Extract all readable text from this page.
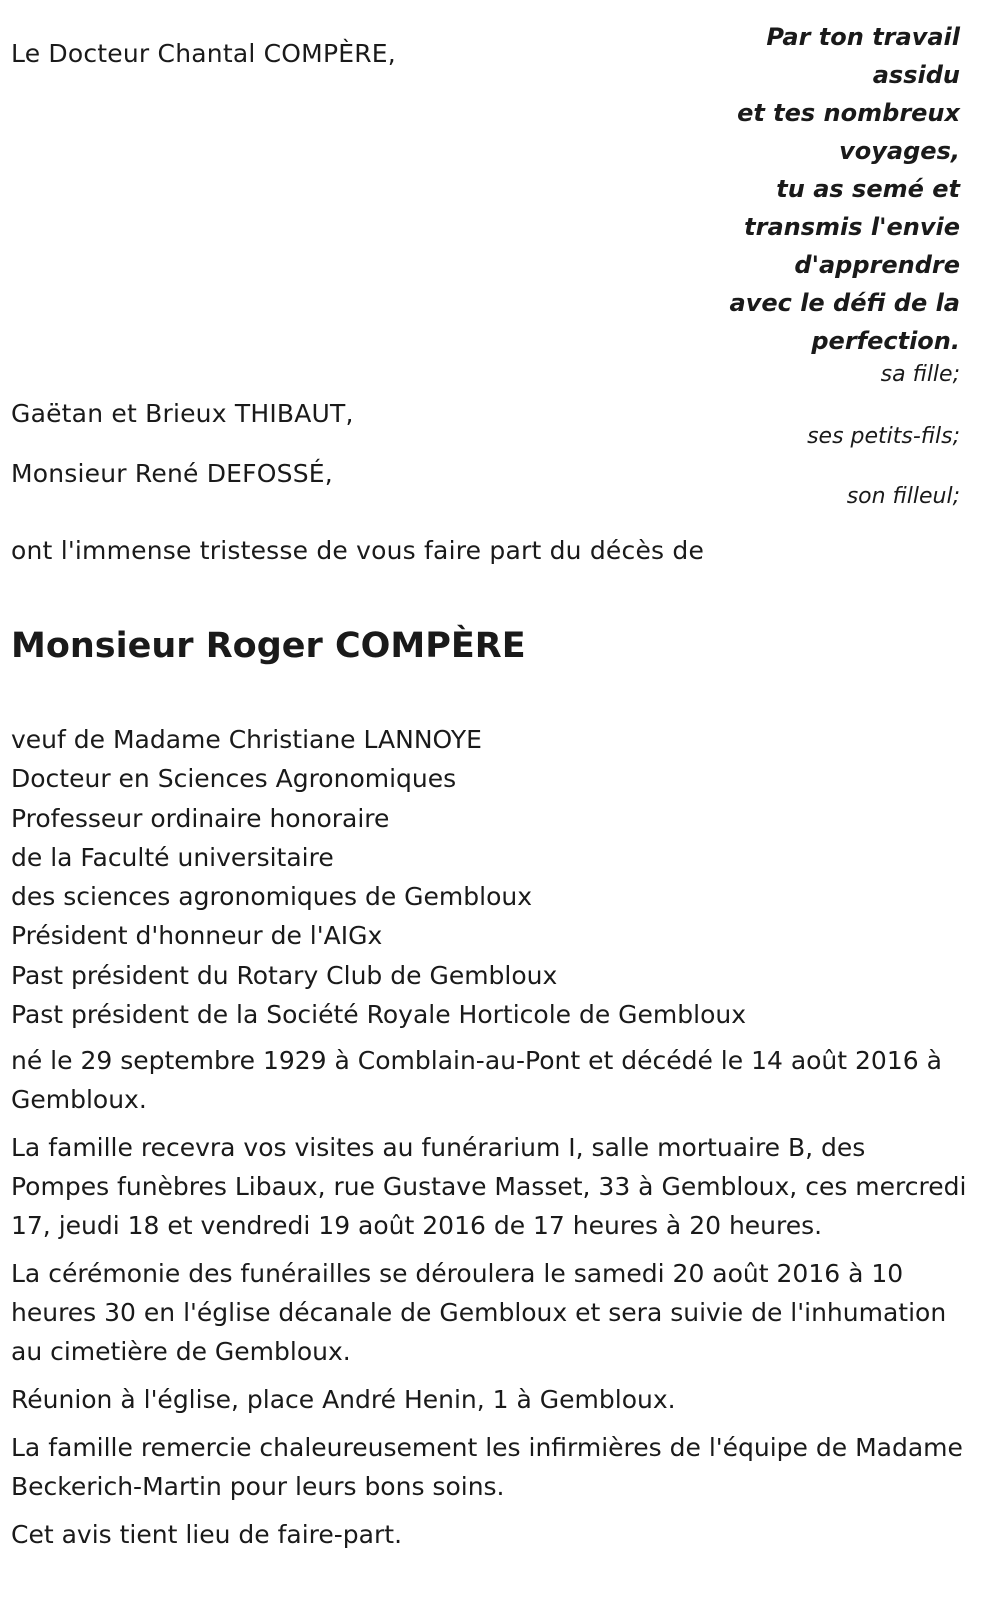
Le Docteur Chantal COMPÈRE,
Par ton travail
assidu
et tes nombreux
voyages,
tu as semé et
transmis l'envie
d'apprendre
avec le défi de la
perfection.
sa fille;
Gaëtan et Brieux THIBAUT,
ses petits-fils;
Monsieur René DEFOSSÉ,
son filleul;
ont l'immense tristesse de vous faire part du décès de
Monsieur Roger COMPÈRE
veuf de Madame Christiane LANNOYE
Docteur en Sciences Agronomiques
Professeur ordinaire honoraire
de la Faculté universitaire
des sciences agronomiques de Gembloux
Président d'honneur de l'AIGx
Past président du Rotary Club de Gembloux
Past président de la Société Royale Horticole de Gembloux
né le 29 septembre 1929 à Comblain-au-Pont et décédé le 14 août 2016 à Gembloux.
La famille recevra vos visites au funérarium I, salle mortuaire B, des Pompes funèbres Libaux, rue Gustave Masset, 33 à Gembloux, ces mercredi 17, jeudi 18 et vendredi 19 août 2016 de 17 heures à 20 heures.
La cérémonie des funérailles se déroulera le samedi 20 août 2016 à 10 heures 30 en l'église décanale de Gembloux et sera suivie de l'inhumation au cimetière de Gembloux.
Réunion à l'église, place André Henin, 1 à Gembloux.
La famille remercie chaleureusement les infirmières de l'équipe de Madame Beckerich-Martin pour leurs bons soins.
Cet avis tient lieu de faire-part.
